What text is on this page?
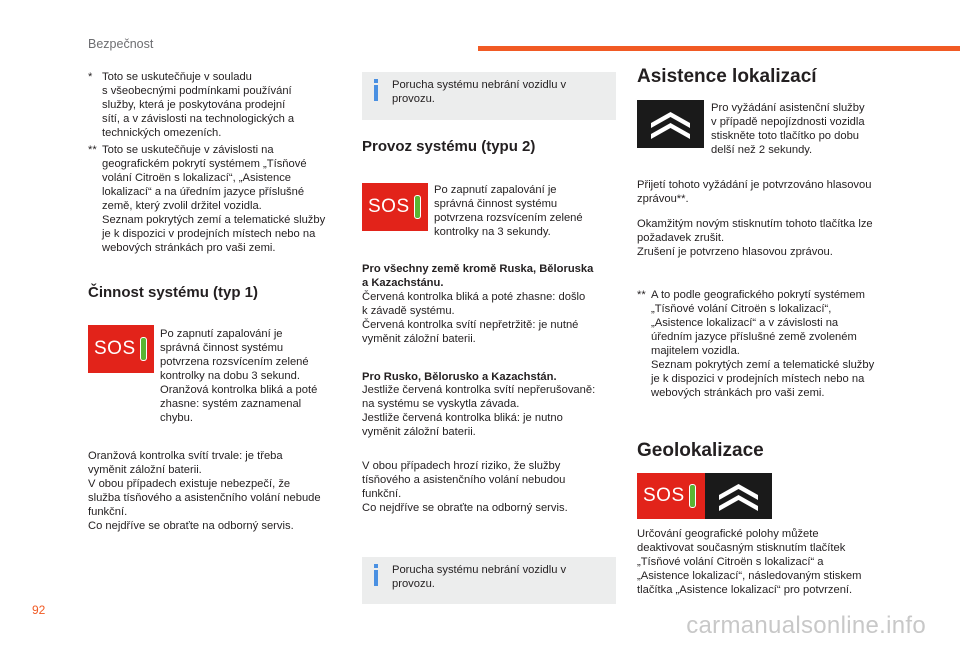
Bezpečnost
* Toto se uskutečňuje v souladu
s všeobecnými podmínkami používání
služby, která je poskytována prodejní
sítí, a v závislosti na technologických a
technických omezeních.
** Toto se uskutečňuje v závislosti na
geografickém pokrytí systémem „Tísňové
volání Citroën s lokalizací“, „Asistence
lokalizací“ a na úředním jazyce příslušné
země, který zvolil držitel vozidla.
Seznam pokrytých zemí a telematické služby
je k dispozici v prodejních místech nebo na
webových stránkách pro vaši zemi.
Činnost systému (typ 1)
SOS

Po zapnutí zapalování je
správná činnost systému
potvrzena rozsvícením zelené
kontrolky na dobu 3 sekund.
Oranžová kontrolka bliká a poté
zhasne: systém zaznamenal
chybu.

Oranžová kontrolka svítí trvale: je třeba
vyměnit záložní baterii.
V obou případech existuje nebezpečí, že
služba tísňového a asistenčního volání nebude
funkční.
Co nejdříve se obraťte na odborný servis.

Porucha systému nebrání vozidlu v
provozu.

Provoz systému (typu 2)
SOS

Po zapnutí zapalování je
správná činnost systému
potvrzena rozsvícením zelené
kontrolky na 3 sekundy.

Pro všechny země kromě Ruska, Běloruska
a Kazachstánu.

Červená kontrolka bliká a poté zhasne: došlo
k závadě systému.
Červená kontrolka svítí nepřetržitě: je nutné
vyměnit záložní baterii.

Pro Rusko, Bělorusko a Kazachstán.

Jestliže červená kontrolka svítí nepřerušovaně:
na systému se vyskytla závada.
Jestliže červená kontrolka bliká: je nutno
vyměnit záložní baterii.

V obou případech hrozí riziko, že služby
tísňového a asistenčního volání nebudou
funkční.
Co nejdříve se obraťte na odborný servis.

Porucha systému nebrání vozidlu v
provozu.

Asistence lokalizací

Pro vyžádání asistenční služby
v případě nepojízdnosti vozidla
stiskněte toto tlačítko po dobu
delší než 2 sekundy.

Přijetí tohoto vyžádání je potvrzováno hlasovou
zprávou**.

Okamžitým novým stisknutím tohoto tlačítka lze
požadavek zrušit.
Zrušení je potvrzeno hlasovou zprávou.

** A to podle geografického pokrytí systémem
„Tísňové volání Citroën s lokalizací“,
„Asistence lokalizací“ a v závislosti na
úředním jazyce příslušné země zvoleném
majitelem vozidla.
Seznam pokrytých zemí a telematické služby
je k dispozici v prodejních místech nebo na
webových stránkách pro vaši zemi.
Geolokalizace
SOS

Určování geografické polohy můžete
deaktivovat současným stisknutím tlačítek
„Tísňové volání Citroën s lokalizací“ a
„Asistence lokalizací“, následovaným stiskem
tlačítka „Asistence lokalizací“ pro potvrzení.

92
carmanualsonline.info
